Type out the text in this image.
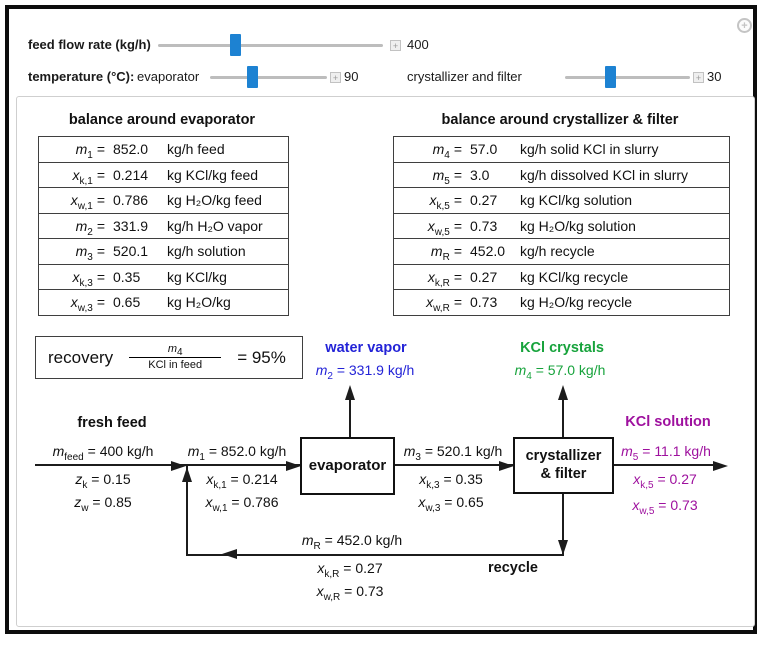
+
feed flow rate (kg/h)	+ 400
temperature (°C): evaporator	+ 90	crystallizer and filter	+ 30
balance around evaporator	balance around crystallizer & filter
$m_1 = 852.0$	kg/h feed
$x_{k,1} = 0.214$	kg KCl/kg feed
$x_{w,1} = 0.786$	kg H₂O/kg feed
$m_2 = 331.9$	kg/h H₂O vapor
$m_3 = 520.1$	kg/h solution
$x_{k,3} = 0.35$	kg KCl/kg
$x_{w,3} = 0.65$	kg H₂O/kg
$m_4 = 57.0$	kg/h solid KCl in slurry
$m_5 = 3.0$	kg/h dissolved KCl in slurry
$x_{k,5} = 0.27$	kg KCl/kg solution
$x_{w,5} = 0.73$	kg H₂O/kg solution
$m_R = 452.0$	kg/h recycle
$x_{k,R} = 0.27$	kg KCl/kg recycle
$x_{w,R} = 0.73$	kg H₂O/kg recycle
recovery $\frac{m_4}{\text{KCl in feed}} = 95\%$
evaporator
crystallizer
& filter
fresh feed
$m_{feed} = 400$ kg/h
$z_k = 0.15$
$z_w = 0.85$
$m_1 = 852.0$ kg/h
$x_{k,1} = 0.214$
$x_{w,1} = 0.786$
$m_3 = 520.1$ kg/h
$x_{k,3} = 0.35$
$x_{w,3} = 0.65$
water vapor
$m_2 = 331.9$ kg/h
KCl crystals
$m_4 = 57.0$ kg/h
KCl solution
$m_5 = 11.1$ kg/h
$x_{k,5} = 0.27$
$x_{w,5} = 0.73$
$m_R = 452.0$ kg/h
$x_{k,R} = 0.27$
$x_{w,R} = 0.73$
recycle
